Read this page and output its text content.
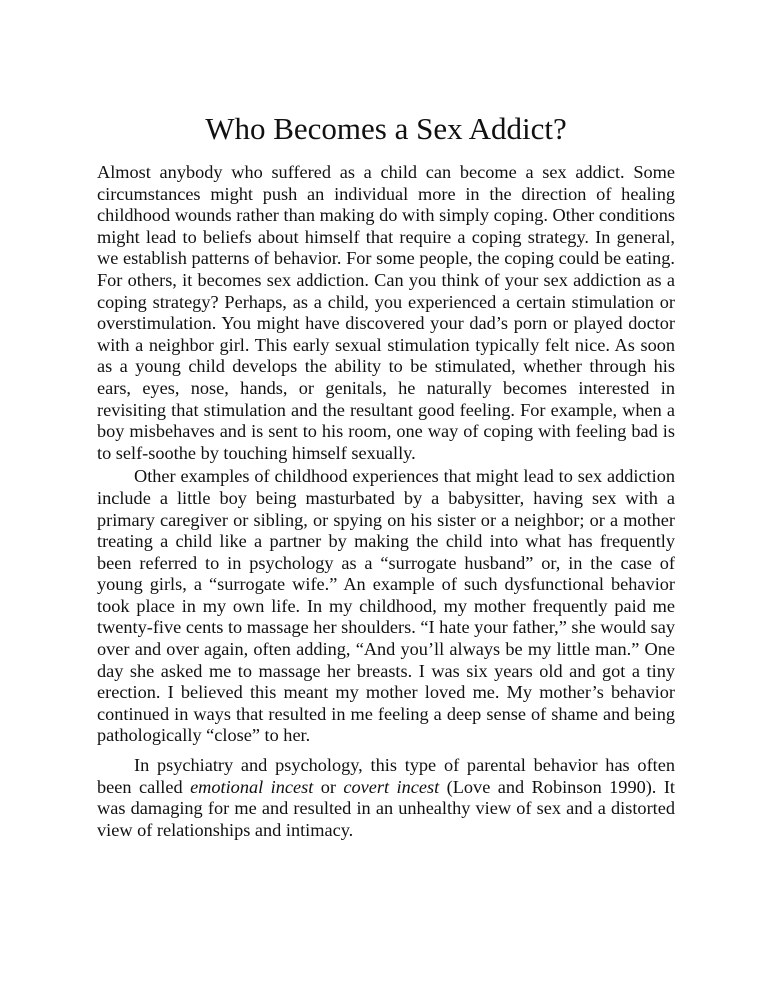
Who Becomes a Sex Addict?

Almost anybody who suffered as a child can become a sex addict. Some circumstances might push an individual more in the direction of healing childhood wounds rather than making do with simply coping. Other conditions might lead to beliefs about himself that require a coping strategy. In general, we establish patterns of behavior. For some people, the coping could be eating. For others, it becomes sex addiction. Can you think of your sex addiction as a coping strategy? Perhaps, as a child, you experienced a certain stimulation or overstimulation. You might have discovered your dad’s porn or played doctor with a neighbor girl. This early sexual stimulation typically felt nice. As soon as a young child develops the ability to be stimulated, whether through his ears, eyes, nose, hands, or genitals, he naturally becomes interested in revisiting that stimulation and the resultant good feeling. For example, when a boy misbehaves and is sent to his room, one way of coping with feeling bad is to self-soothe by touching himself sexually.

Other examples of childhood experiences that might lead to sex addiction include a little boy being masturbated by a babysitter, having sex with a primary caregiver or sibling, or spying on his sister or a neighbor; or a mother treating a child like a partner by making the child into what has frequently been referred to in psychology as a “surrogate husband” or, in the case of young girls, a “surrogate wife.” An example of such dysfunctional behavior took place in my own life. In my childhood, my mother frequently paid me twenty-five cents to massage her shoulders. “I hate your father,” she would say over and over again, often adding, “And you’ll always be my little man.” One day she asked me to massage her breasts. I was six years old and got a tiny erection. I believed this meant my mother loved me. My mother’s behavior continued in ways that resulted in me feeling a deep sense of shame and being pathologically “close” to her.

In psychiatry and psychology, this type of parental behavior has often been called emotional incest or covert incest (Love and Robinson 1990). It was damaging for me and resulted in an unhealthy view of sex and a distorted view of relationships and intimacy.
